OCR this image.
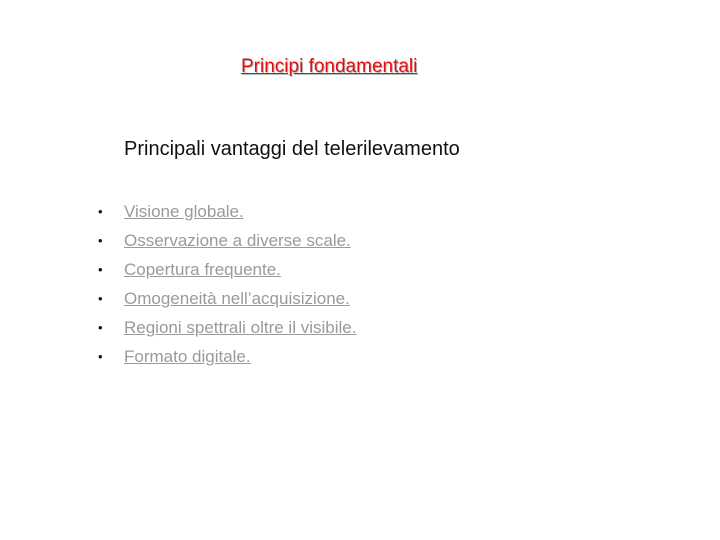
Principi fondamentali
Principali vantaggi del telerilevamento
•	Visione globale.
•	Osservazione a diverse scale.
•	Copertura frequente.
•	Omogeneità nell’acquisizione.
•	Regioni spettrali oltre il visibile.
•	Formato digitale.
